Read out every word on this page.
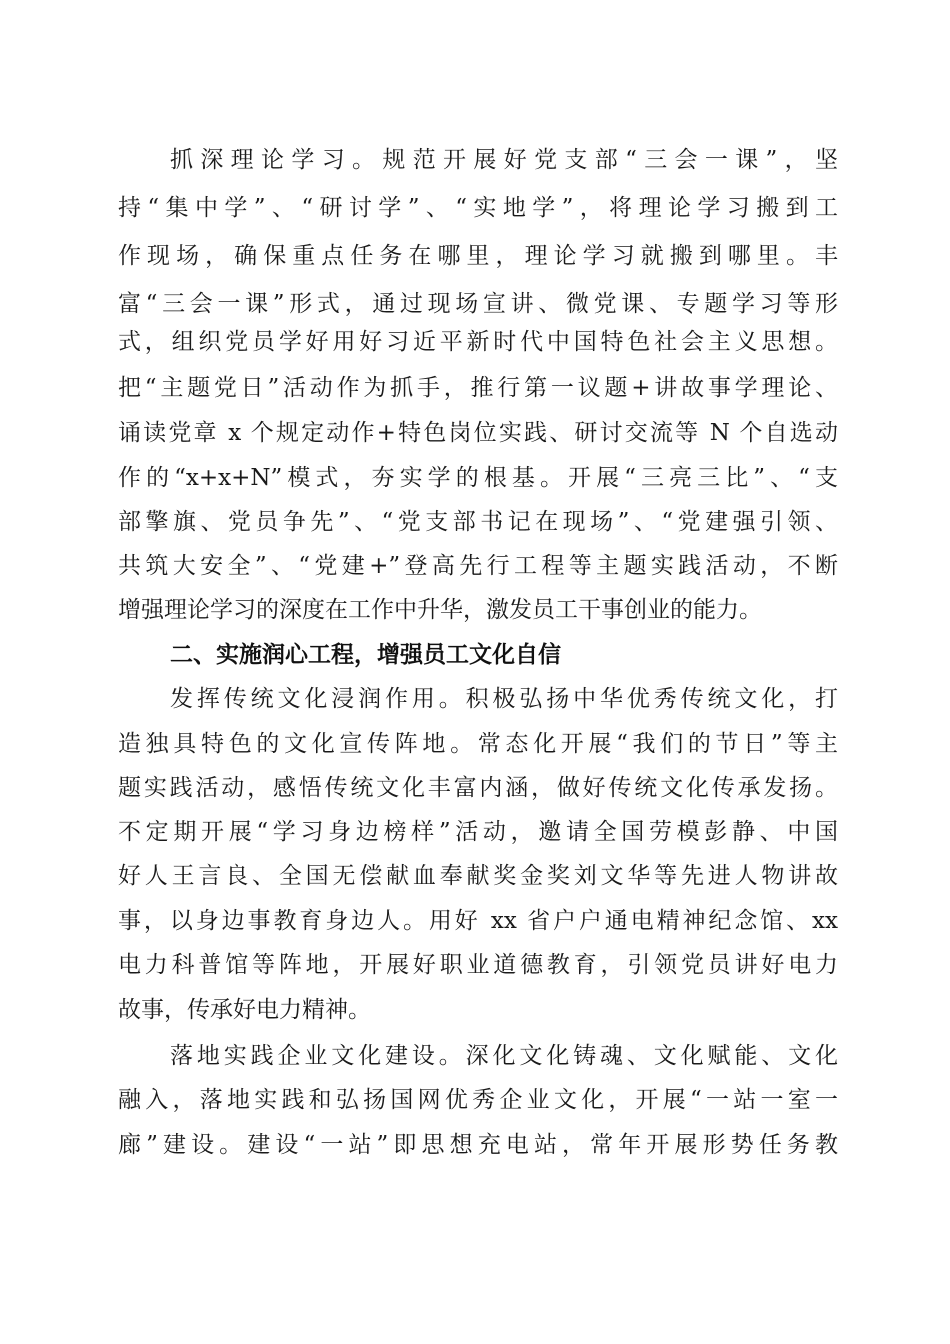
抓深理论学习。规范开展好党支部“三会一课”，坚
持“集中学”、“研讨学”、“实地学”，将理论学习搬到工
作现场，确保重点任务在哪里，理论学习就搬到哪里。丰
富“三会一课”形式，通过现场宣讲、微党课、专题学习等形
式，组织党员学好用好习近平新时代中国特色社会主义思想。
把“主题党日”活动作为抓手，推行第一议题+讲故事学理论、
诵读党章 x 个规定动作+特色岗位实践、研讨交流等 N 个自选动
作的“x+x+N”模式，夯实学的根基。开展“三亮三比”、“支
部擎旗、党员争先”、“党支部书记在现场”、“党建强引领、
共筑大安全”、“党建+”登高先行工程等主题实践活动，不断
增强理论学习的深度在工作中升华，激发员工干事创业的能力。
二、实施润心工程，增强员工文化自信
发挥传统文化浸润作用。积极弘扬中华优秀传统文化，打
造独具特色的文化宣传阵地。常态化开展“我们的节日”等主
题实践活动，感悟传统文化丰富内涵，做好传统文化传承发扬。
不定期开展“学习身边榜样”活动，邀请全国劳模彭静、中国
好人王言良、全国无偿献血奉献奖金奖刘文华等先进人物讲故
事，以身边事教育身边人。用好 xx 省户户通电精神纪念馆、xx
电力科普馆等阵地，开展好职业道德教育，引领党员讲好电力
故事，传承好电力精神。
落地实践企业文化建设。深化文化铸魂、文化赋能、文化
融入，落地实践和弘扬国网优秀企业文化，开展“一站一室一
廊”建设。建设“一站”即思想充电站，常年开展形势任务教
